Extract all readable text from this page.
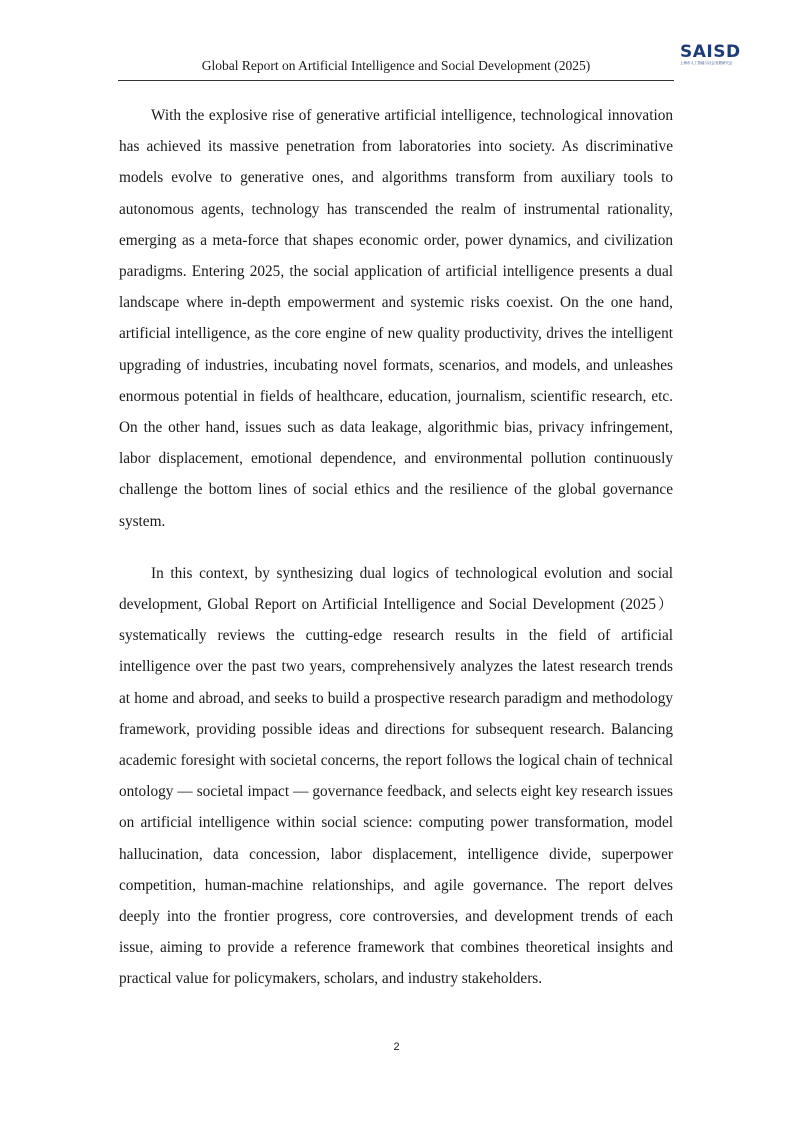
Global Report on Artificial Intelligence and Social Development (2025)
SAISD
上海市人工智能与社会发展研究会

With the explosive rise of generative artificial intelligence, technological innovation has achieved its massive penetration from laboratories into society. As discriminative models evolve to generative ones, and algorithms transform from auxiliary tools to autonomous agents, technology has transcended the realm of instrumental rationality, emerging as a meta-force that shapes economic order, power dynamics, and civilization paradigms. Entering 2025, the social application of artificial intelligence presents a dual landscape where in-depth empowerment and systemic risks coexist. On the one hand, artificial intelligence, as the core engine of new quality productivity, drives the intelligent upgrading of industries, incubating novel formats, scenarios, and models, and unleashes enormous potential in fields of healthcare, education, journalism, scientific research, etc. On the other hand, issues such as data leakage, algorithmic bias, privacy infringement, labor displacement, emotional dependence, and environmental pollution continuously challenge the bottom lines of social ethics and the resilience of the global governance system.

In this context, by synthesizing dual logics of technological evolution and social development, Global Report on Artificial Intelligence and Social Development (2025） systematically reviews the cutting-edge research results in the field of artificial intelligence over the past two years, comprehensively analyzes the latest research trends at home and abroad, and seeks to build a prospective research paradigm and methodology framework, providing possible ideas and directions for subsequent research. Balancing academic foresight with societal concerns, the report follows the logical chain of technical ontology — societal impact — governance feedback, and selects eight key research issues on artificial intelligence within social science: computing power transformation, model hallucination, data concession, labor displacement, intelligence divide, superpower competition, human-machine relationships, and agile governance. The report delves deeply into the frontier progress, core controversies, and development trends of each issue, aiming to provide a reference framework that combines theoretical insights and practical value for policymakers, scholars, and industry stakeholders.

2
